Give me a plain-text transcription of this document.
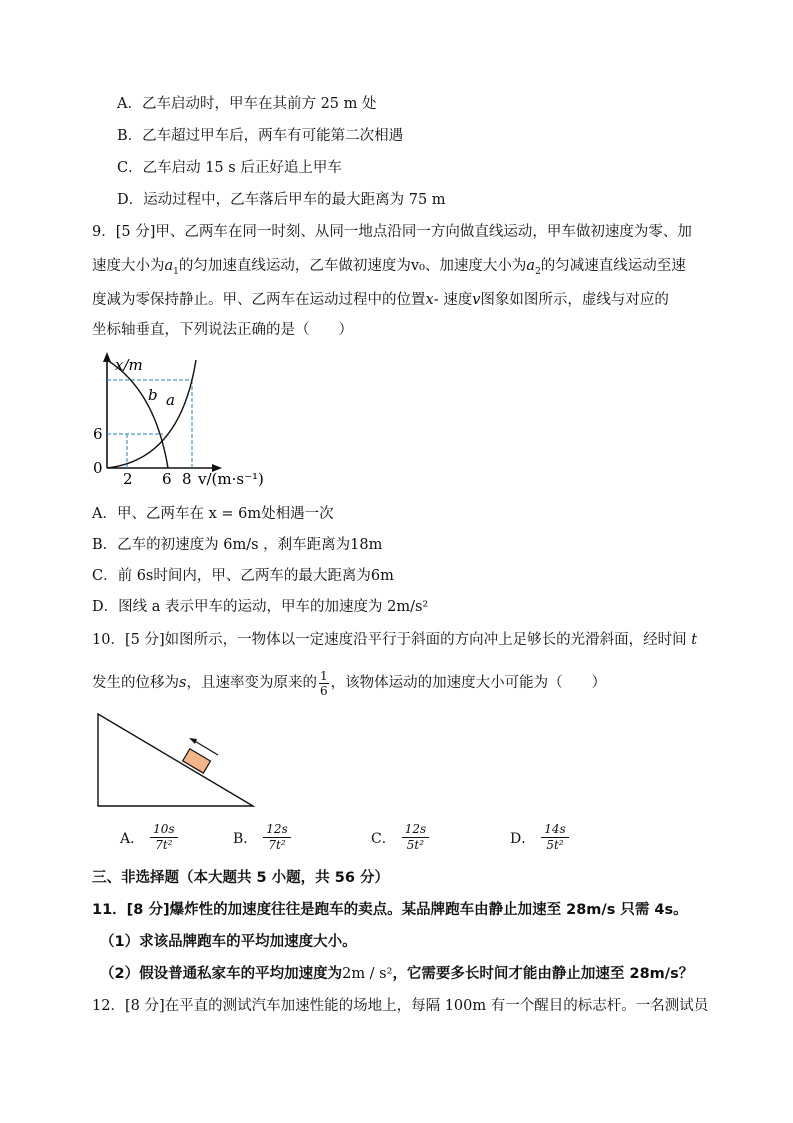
A．乙车启动时，甲车在其前方 25 m 处
B．乙车超过甲车后，两车有可能第二次相遇
C．乙车启动 15 s 后正好追上甲车
D．运动过程中，乙车落后甲车的最大距离为 75 m
9．[5 分]甲、乙两车在同一时刻、从同一地点沿同一方向做直线运动，甲车做初速度为零、加
速度大小为$a_1$的匀加速直线运动，乙车做初速度为v₀、加速度大小为$a_2$的匀减速直线运动至速
度减为零保持静止。甲、乙两车在运动过程中的位置x- 速度v图象如图所示，虚线与对应的
坐标轴垂直，下列说法正确的是（　　）
x/m
b a
6
0
2 6 8 v/(m·s⁻¹)
A．甲、乙两车在 x = 6m处相遇一次
B．乙车的初速度为 6m/s ，刹车距离为18m
C．前 6s时间内，甲、乙两车的最大距离为6m
D．图线 a 表示甲车的运动，甲车的加速度为 2m/s²
10．[5 分]如图所示，一物体以一定速度沿平行于斜面的方向冲上足够长的光滑斜面，经时间 t
发生的位移为s，且速率变为原来的 $\frac{1}{6}$ ，该物体运动的加速度大小可能为（　　）
A． $\frac{10s}{\text{7t²}}$	B． $\frac{12s}{\text{7t²}}$	C． $\frac{12s}{\text{5t²}}$	D． $\frac{14s}{\text{5t²}}$
三、非选择题（本大题共 5 小题，共 56 分）
11．[8 分]爆炸性的加速度往往是跑车的卖点。某品牌跑车由静止加速至 28m/s 只需 4s。
（1）求该品牌跑车的平均加速度大小。
（2）假设普通私家车的平均加速度为2m / s²，它需要多长时间才能由静止加速至 28m/s？
12．[8 分]在平直的测试汽车加速性能的场地上，每隔 100m 有一个醒目的标志杆。一名测试员
